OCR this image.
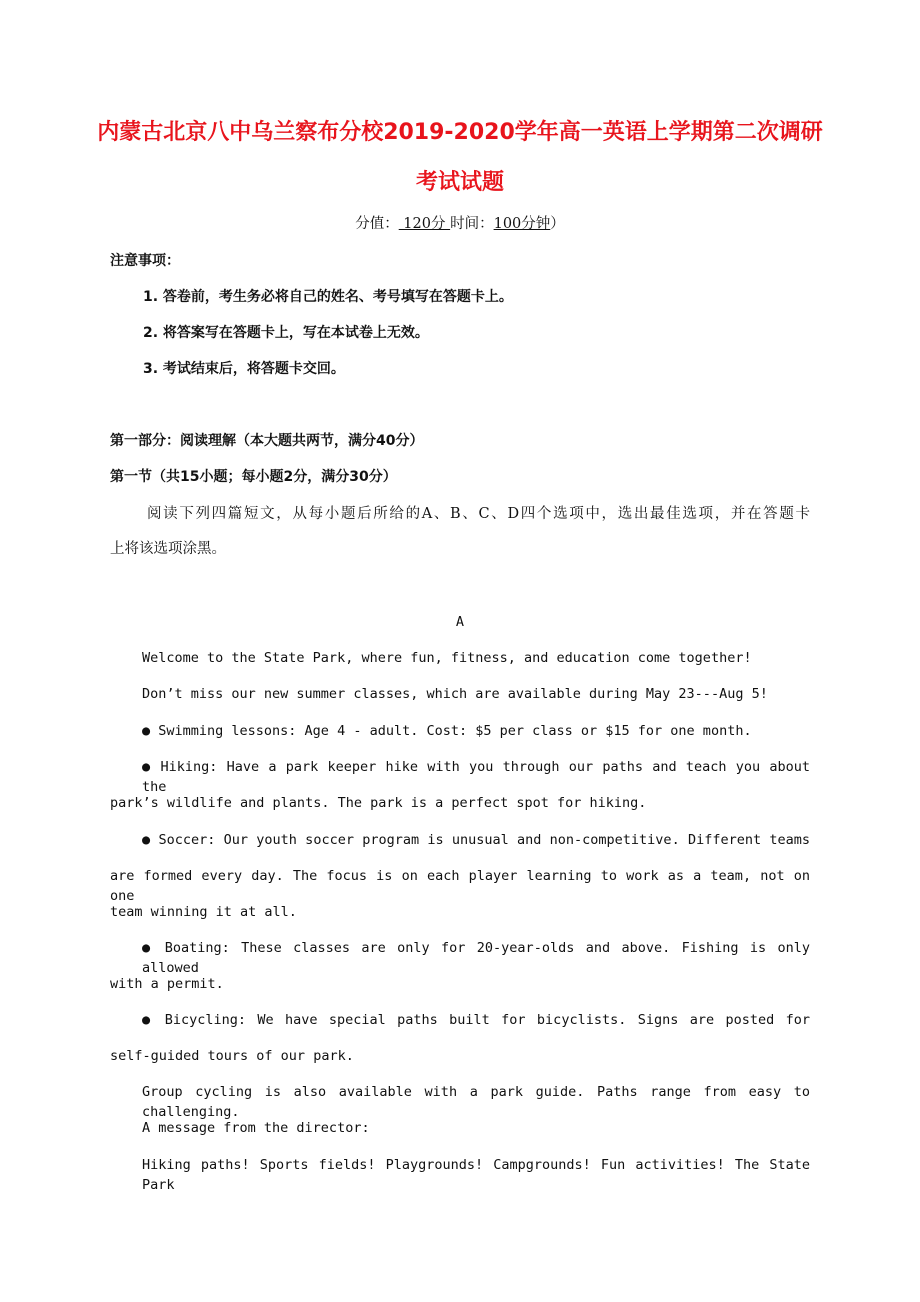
内蒙古北京八中乌兰察布分校2019-2020学年高一英语上学期第二次调研
考试试题
分值： 120分 时间：100分钟）
注意事项：
1. 答卷前，考生务必将自己的姓名、考号填写在答题卡上。
2. 将答案写在答题卡上，写在本试卷上无效。
3. 考试结束后，将答题卡交回。
第一部分：阅读理解（本大题共两节，满分40分）
第一节（共15小题；每小题2分，满分30分）
阅读下列四篇短文，从每小题后所给的A、B、C、D四个选项中，选出最佳选项，并在答题卡
上将该选项涂黑。
A
Welcome to the State Park, where fun, fitness, and education come together!
Don’t miss our new summer classes, which are available during May 23---Aug 5!
● Swimming lessons: Age 4 - adult. Cost: $5 per class or $15 for one month.
● Hiking: Have a park keeper hike with you through our paths and teach you about the
park’s wildlife and plants. The park is a perfect spot for hiking.
● Soccer: Our youth soccer program is unusual and non-competitive. Different teams
are formed every day. The focus is on each player learning to work as a team, not on one
team winning it at all.
● Boating: These classes are only for 20-year-olds and above. Fishing is only allowed
with a permit.
● Bicycling: We have special paths built for bicyclists. Signs are posted for
self-guided tours of our park.
Group cycling is also available with a park guide. Paths range from easy to challenging.
A message from the director:
Hiking paths! Sports fields! Playgrounds! Campgrounds! Fun activities! The State Park
